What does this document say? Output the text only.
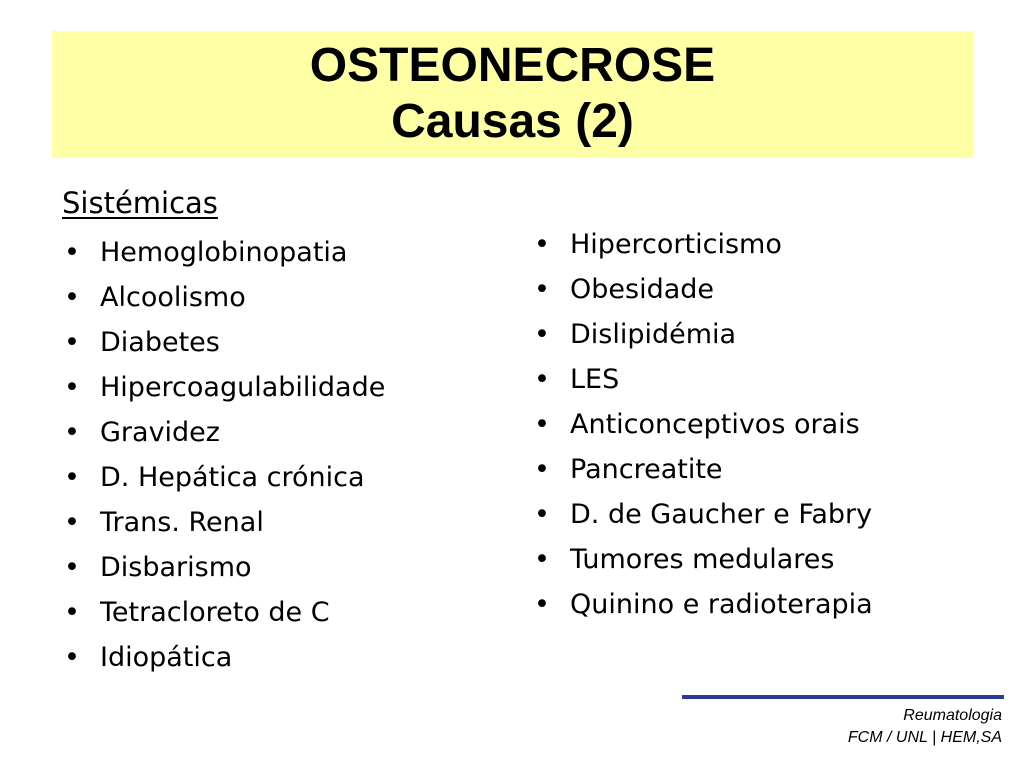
OSTEONECROSE

Causas (2)

Sistémicas

• Hemoglobinopatia
• Alcoolismo
• Diabetes
• Hipercoagulabilidade
• Gravidez
• D. Hepática crónica
• Trans. Renal
• Disbarismo
• Tetracloreto de C
• Idiopática
• Hipercorticismo
• Obesidade
• Dislipidémia
• LES
• Anticonceptivos orais
• Pancreatite
• D. de Gaucher e Fabry
• Tumores medulares
• Quinino e radioterapia
Reumatologia
FCM / UNL | HEM,SA
